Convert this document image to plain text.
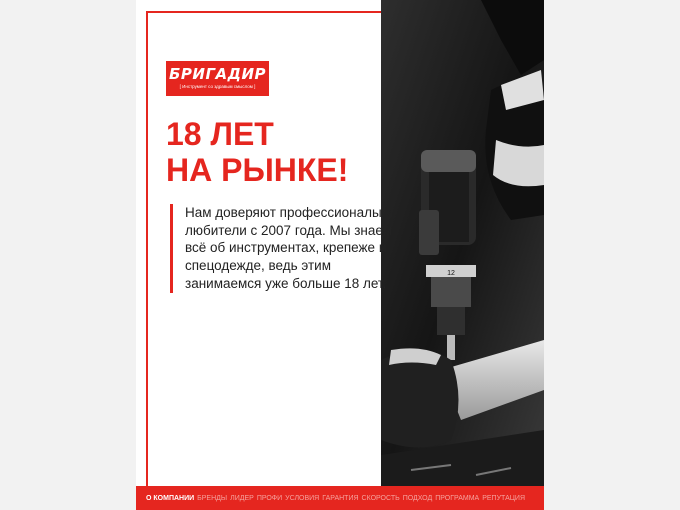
12
БРИГАДИР
[ Инструмент со здравым смыслом ]
18 ЛЕТ
НА РЫНКЕ!
Нам доверяют профессионалы и любители с 2007 года. Мы знаем всё об инструментах, крепеже и спецодежде, ведь этим занимаемся уже больше 18 лет.
О КОМПАНИИ БРЕНДЫ ЛИДЕР ПРОФИ УСЛОВИЯ ГАРАНТИЯ СКОРОСТЬ ПОДХОД ПРОГРАММА РЕПУТАЦИЯ
